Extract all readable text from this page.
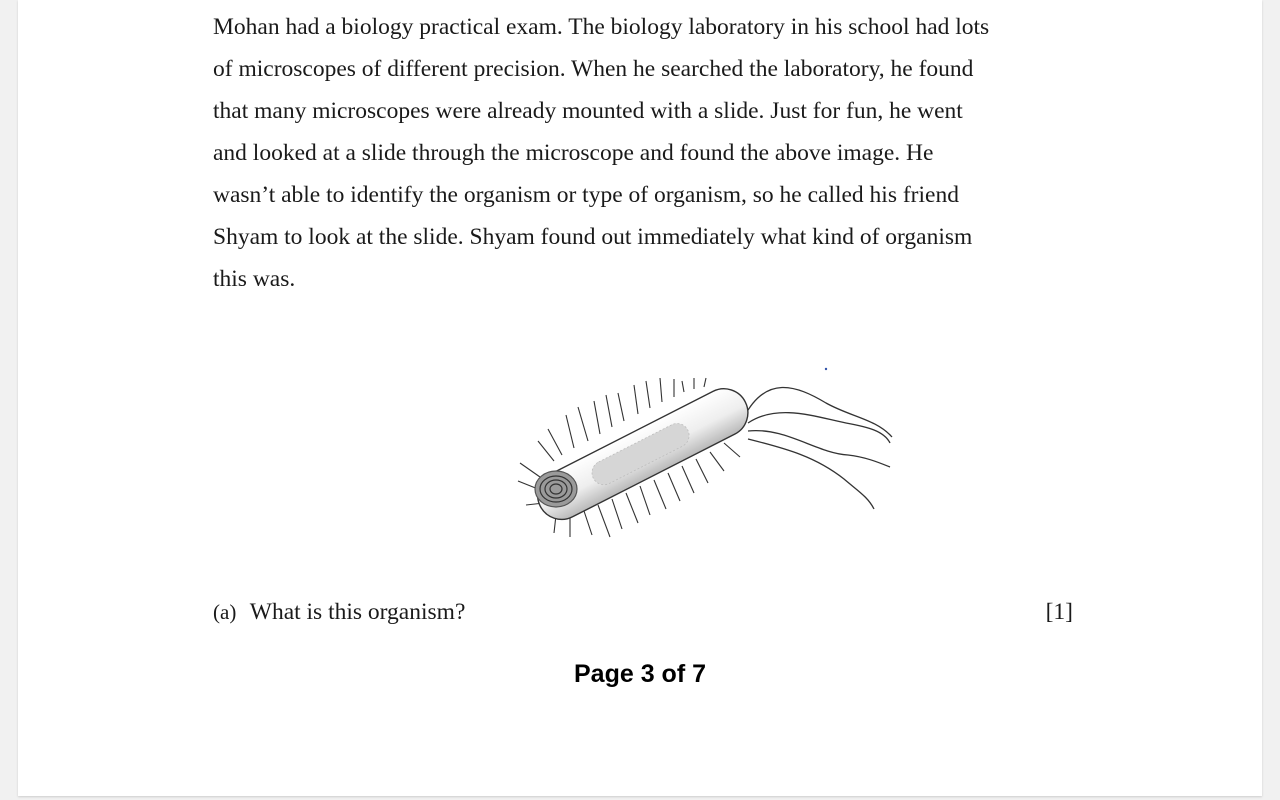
Mohan had a biology practical exam. The biology laboratory in his school had lots
of microscopes of different precision. When he searched the laboratory, he found
that many microscopes were already mounted with a slide. Just for fun, he went
and looked at a slide through the microscope and found the above image. He
wasn’t able to identify the organism or type of organism, so he called his friend
Shyam to look at the slide. Shyam found out immediately what kind of organism
this was.
(a) What is this organism?	[1]
Page 3 of 7
